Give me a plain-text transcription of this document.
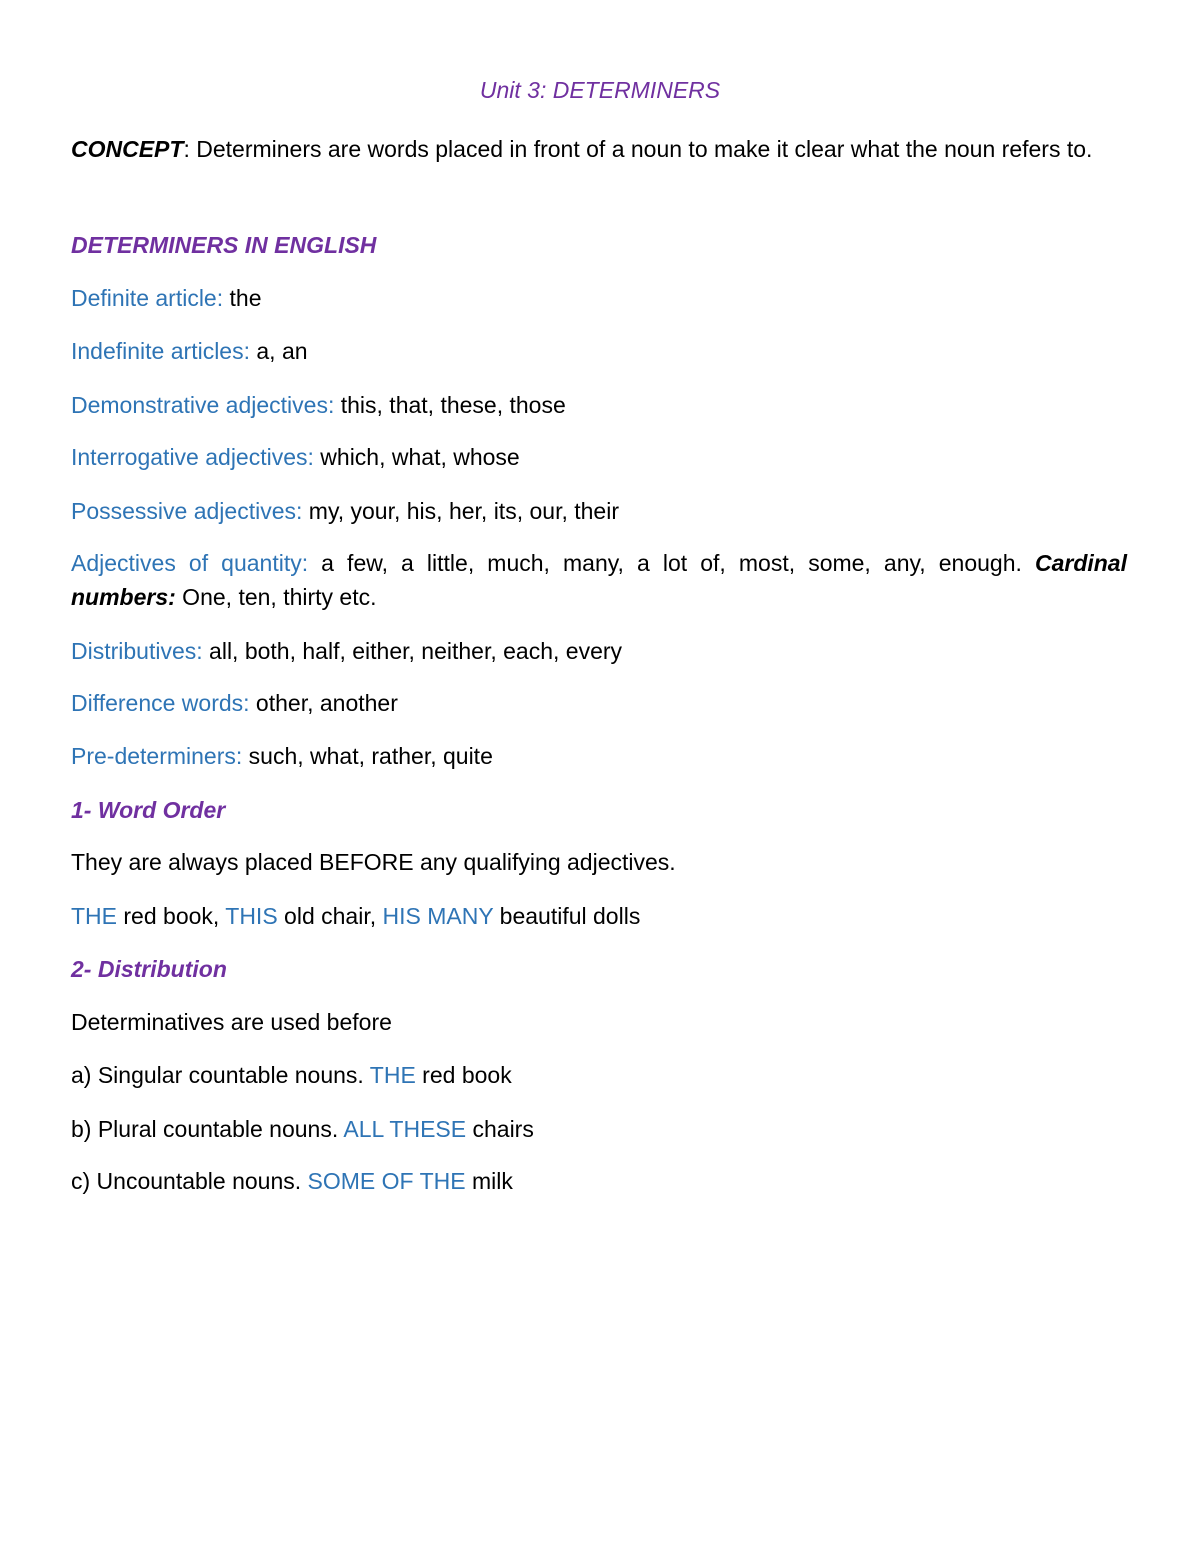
Unit 3: DETERMINERS
CONCEPT: Determiners are words placed in front of a noun to make it clear what the noun refers to.
DETERMINERS IN ENGLISH
Definite article: the
Indefinite articles: a, an
Demonstrative adjectives: this, that, these, those
Interrogative adjectives: which, what, whose
Possessive adjectives: my, your, his, her, its, our, their
Adjectives of quantity: a few, a little, much, many, a lot of, most, some, any, enough. Cardinal numbers: One, ten, thirty etc.
Distributives: all, both, half, either, neither, each, every
Difference words: other, another
Pre-determiners: such, what, rather, quite
1- Word Order
They are always placed BEFORE any qualifying adjectives.
THE red book, THIS old chair, HIS MANY beautiful dolls
2- Distribution
Determinatives are used before
a) Singular countable nouns. THE red book
b) Plural countable nouns. ALL THESE chairs
c) Uncountable nouns. SOME OF THE milk
